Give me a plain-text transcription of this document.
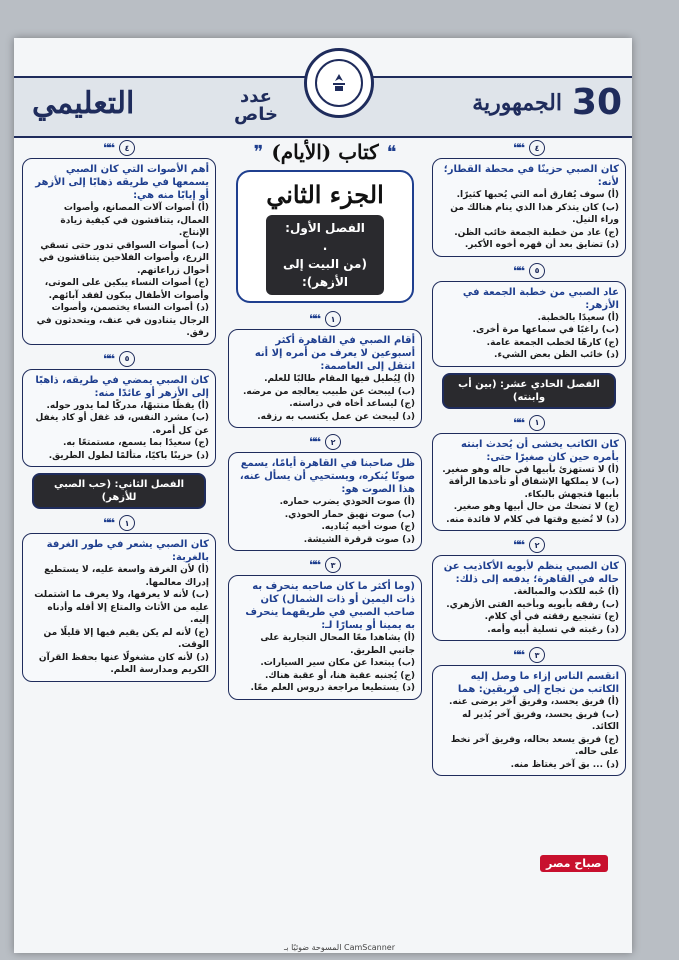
التعليمي	عدد
خاص	الجمهورية 30
٤
❝❝

كان الصبي حزينًا في محطة القطار؛ لأنه:

(أ) سوف يُفارق أمه التي يُحبها كثيرًا.

(ب) كان يتذكر هذا الذي ينام هنالك من وراء النيل.

(ج) عاد من خطبة الجمعة خائب الظن.

(د) تضايق بعد أن قهره أخوه الأكبر.

٥
❝❝

عاد الصبي من خطبة الجمعة في الأزهر:

(أ) سعيدًا بالخطبة.

(ب) راغبًا في سماعها مرة أخرى.

(ج) كارهًا لخطب الجمعة عامة.

(د) خائب الظن بعض الشيء.

الفصل الحادي عشر: (بين أب وابنته)
١
❝❝

كان الكاتب يخشى أن يُحدث ابنته بأمره حين كان صغيرًا حتى:

(أ) لا تستهزئ بأبيها في حاله وهو صغير.

(ب) لا يملكها الإشفاق أو تأخذها الرأفة بأبيها فتجهش بالبكاء.

(ج) لا تضحك من حال أبيها وهو صغير.

(د) لا تُضيع وقتها في كلام لا فائدة منه.

٢
❝❝

كان الصبي ينظم لأبويه الأكاذيب عن حاله في القاهرة؛ يدفعه إلى ذلك:

(أ) حُبه للكذب والمبالغة.

(ب) رفقه بأبويه وبأخيه الفتى الأزهري.

(ج) تشجيع رفقته في أي كلام.

(د) رغبته في تسلية أبيه وأمه.

٣
❝❝

انقسم الناس إزاء ما وصل إليه الكاتب من نجاح إلى فريقين: هما

(أ) فريق يحسد، وفريق آخر يرضى عنه.

(ب) فريق يحسد، وفريق آخر يُذير له الكائد.

(ج) فريق يسعد بحاله، وفريق آخر نخط على حاله.

(د) ... بق آخر يغتاظ منه.

❝
كتاب (الأيام)
❞
الجزء الثاني
الفصل الأول:
.
(من البيت إلى الأزهر):
١
❝❝

أقام الصبي في القاهرة أكثر أسبوعين لا يعرف من أمره إلا أنه انتقل إلى العاصمة:

(أ) لِيُطيل فيها المقام طالبًا للعلم.

(ب) ليبحث عن طبيب يعالجه من مرضه.

(ج) ليساعد أخاه في دراسته.

(د) ليبحث عن عمل يكتسب به رزقه.

٢
❝❝

ظل صاحبنا في القاهرة أيامًا، يسمع صوتًا يُنكره، ويستحيي أن يسأل عنه، هذا الصوت هو:

(أ) صوت الحوذي يضرب حماره.

(ب) صوت نهيق حمار الحوذي.

(ج) صوت أخيه يُناديه.

(د) صوت قرقرة الشيشة.

٣
❝❝

(وما أكثر ما كان صاحبه ينحرف به ذات اليمين أو ذات الشمال) كان صاحب الصبي في طريقهما ينحرف به يمينا أو يسارًا لـ:

(أ) يشاهدا معًا المحال التجارية على جانبي الطريق.

(ب) يبتعدا عن مكان سير السيارات.

(ج) يُجنبه عقبة هنا، أو عقبة هناك.

(د) يستطيعا مراجعة دروس العلم معًا.

٤
❝❝

أهم الأصوات التي كان الصبي يسمعها في طريقه ذهابًا إلى الأزهر أو إيابًا منه هي:

(أ) أصوات آلات المصانع، وأصوات العمال، يتناقشون في كيفية زيادة الإنتاج.

(ب) أصوات السواقي تدور حتى تسقي الزرع، وأصوات الفلاحين يتناقشون في أحوال زراعاتهم.

(ج) أصوات النساء يبكين على الموتى، وأصوات الأطفال يبكون لفقد آبائهم.

(د) أصوات النساء يختصمن، وأصوات الرجال يتنادون في عنف، ويتحدثون في رفق.

٥
❝❝

كان الصبي يمضي في طريقه، ذاهبًا إلى الأزهر أو عائدًا منه:

(أ) يقظًا منتبهًا، مدركًا لما يدور حوله.

(ب) مشرد النفس، قد غفل أو كاد يغفل عن كل أمره.

(ج) سعيدًا بما يسمع، مستمتعًا به.

(د) حزينًا باكيًا، متألمًا لطول الطريق.

الفصل الثاني: (حب الصبي للأزهر)
١
❝❝

كان الصبي يشعر في طور الغرفة بالغربة:

(أ) لأن الغرفة واسعة عليه، لا يستطيع إدراك معالمها.

(ب) لأنه لا يعرفها، ولا يعرف ما اشتملت عليه من الأثاث والمتاع إلا أقله وأدناه إليه.

(ج) لأنه لم يكن يقيم فيها إلا قليلًا من الوقت.

(د) لأنه كان مشغولًا عنها بحفظ القرآن الكريم ومدارسة العلم.

صباح مصر
المسوحة ضوئيًا بـ CamScanner
